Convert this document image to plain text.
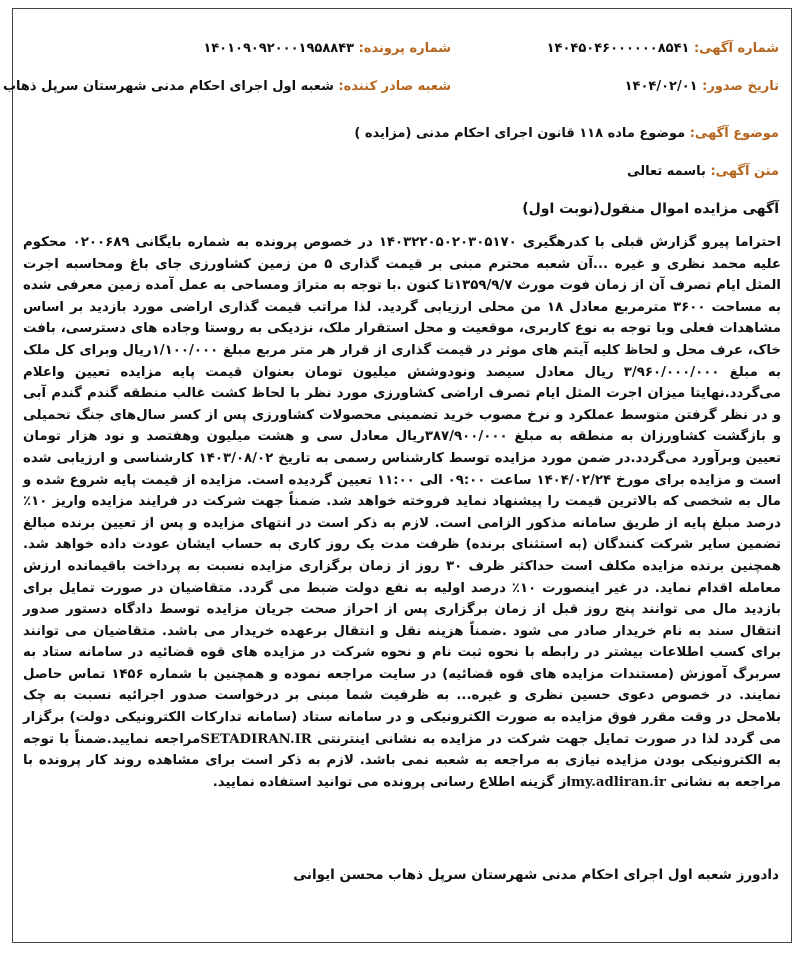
شماره آگهی: ۱۴۰۴۵۰۴۶۰۰۰۰۰۰۸۵۴۱
شماره پرونده: ۱۴۰۱۰۹۰۹۲۰۰۰۱۹۵۸۸۴۳
تاریخ صدور: ۱۴۰۴/۰۲/۰۱
شعبه صادر کننده: شعبه اول اجرای احکام مدنی شهرستان سرپل ذهاب
موضوع آگهی: موضوع ماده ۱۱۸ قانون اجرای احکام مدنی (مزایده )
متن آگهی: باسمه تعالی
آگهی مزایده اموال منقول(نوبت اول)

احتراما پیرو گزارش قبلی با کدرهگیری ۱۴۰۳۲۲۰۵۰۲۰۳۰۵۱۷۰ در خصوص پرونده به شماره بایگانی ۰۲۰۰۶۸۹ محکوم علیه محمد نظری و غیره ...آن شعبه محترم مبنی بر قیمت گذاری ۵ من زمین کشاورزی جای باغ ومحاسبه اجرت المثل ایام تصرف آن از زمان فوت مورث ۱۳۵۹/۹/۷تا کنون .با توجه به متراژ ومساحی به عمل آمده زمین معرفی شده به مساحت ۳۶۰۰ مترمربع معادل ۱۸ من محلی ارزیابی گردید. لذا مراتب قیمت گذاری اراضی مورد بازدید بر اساس مشاهدات فعلی وبا توجه به نوع کاربری، موقعیت و محل استقرار ملک، نزدیکی به روستا وجاده های دسترسی، بافت خاک، عرف محل و لحاظ کلیه آیتم های موثر در قیمت گذاری از قرار هر متر مربع مبلغ ۱/۱۰۰/۰۰۰ریال وبرای کل ملک به مبلغ ۳/۹۶۰/۰۰۰/۰۰۰ ریال معادل سیصد ونودوشش میلیون تومان بعنوان قیمت پایه مزایده تعیین واعلام می‌گردد.نهایتا میزان اجرت المثل ایام تصرف اراضی کشاورزی مورد نظر با لحاظ کشت غالب منطقه گندم گندم آبی و در نظر گرفتن متوسط عملکرد و نرخ مصوب خرید تضمینی محصولات کشاورزی پس از کسر سال‌های جنگ تحمیلی و بازگشت کشاورزان به منطقه به مبلغ ۳۸۷/۹۰۰/۰۰۰ریال معادل سی و هشت میلیون وهفتصد و نود هزار تومان تعیین وبرآورد می‌گردد.در ضمن مورد مزایده توسط کارشناس رسمی به تاریخ ۱۴۰۳/۰۸/۰۲ کارشناسی و ارزیابی شده است و مزایده برای مورخ ۱۴۰۴/۰۲/۲۴ ساعت ۰۹:۰۰ الی ۱۱:۰۰ تعیین گردیده است. مزایده از قیمت پایه شروع شده و مال به شخصی که بالاترین قیمت را پیشنهاد نماید فروخته خواهد شد. ضمناً جهت شرکت در فرایند مزایده واریز ۱۰٪ درصد مبلغ پایه از طریق سامانه مذکور الزامی است. لازم به ذکر است در انتهای مزایده و پس از تعیین برنده مبالغ تضمین سایر شرکت کنندگان (به استثنای برنده) ظرفت مدت یک روز کاری به حساب ایشان عودت داده خواهد شد. همچنین برنده مزایده مکلف است حداکثر ظرف ۳۰ روز از زمان برگزاری مزایده نسبت به پرداخت باقیمانده ارزش معامله اقدام نماید. در غیر اینصورت ۱۰٪ درصد اولیه به نفع دولت ضبط می گردد. متقاضیان در صورت تمایل برای بازدید مال می توانند پنج روز قبل از زمان برگزاری پس از احراز صحت جریان مزایده توسط دادگاه دستور صدور انتقال سند به نام خریدار صادر می شود .ضمناً هزینه نقل و انتقال برعهده خریدار می باشد. متقاضیان می توانند برای کسب اطلاعات بیشتر در رابطه با نحوه ثبت نام و نحوه شرکت در مزایده های قوه قضائیه در سامانه ستاد به سربرگ آموزش (مستندات مزایده های قوه قضائیه) در سایت مراجعه نموده و همچنین با شماره ۱۴۵۶ تماس حاصل نمایند. در خصوص دعوی حسین نظری و غیره... به ظرفیت شما مبنی بر درخواست صدور اجرائیه نسبت به چک بلامحل در وقت مقرر فوق مزایده به صورت الکترونیکی و در سامانه ستاد (سامانه تدارکات الکترونیکی دولت) برگزار می گردد لذا در صورت تمایل جهت شرکت در مزایده به نشانی اینترنتی SETADIRAN.IRمراجعه نمایید.ضمناً با توجه به الکترونیکی بودن مزایده نیازی به مراجعه به شعبه نمی باشد. لازم به ذکر است برای مشاهده روند کار پرونده با مراجعه به نشانی my.adliran.irاز گزینه اطلاع رسانی پرونده می توانید استفاده نمایید.

دادورز شعبه اول اجرای احکام مدنی شهرستان سرپل ذهاب محسن ایوانی
